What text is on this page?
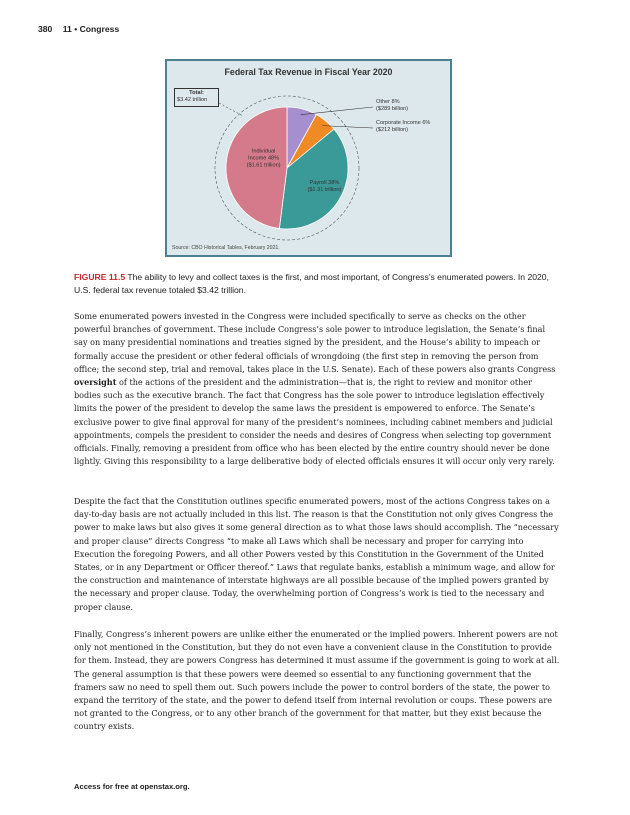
380 11 • Congress
Federal Tax Revenue in Fiscal Year 2020
Other 8%
($289 billion)
Corporate Income 6%
($212 billion)
Payroll 38%
($1.31 trillion)
Individual
Income 48%
($1.61 trillion)
Total:
$3.42 trillion
Source: CBO Historical Tables, February 2021.
FIGURE 11.5 The ability to levy and collect taxes is the first, and most important, of Congress’s enumerated powers. In 2020, U.S. federal tax revenue totaled $3.42 trillion.

Some enumerated powers invested in the Congress were included specifically to serve as checks on the other powerful branches of government. These include Congress’s sole power to introduce legislation, the Senate’s final say on many presidential nominations and treaties signed by the president, and the House’s ability to impeach or formally accuse the president or other federal officials of wrongdoing (the first step in removing the person from office; the second step, trial and removal, takes place in the U.S. Senate). Each of these powers also grants Congress oversight of the actions of the president and the administration—that is, the right to review and monitor other bodies such as the executive branch. The fact that Congress has the sole power to introduce legislation effectively limits the power of the president to develop the same laws the president is empowered to enforce. The Senate’s exclusive power to give final approval for many of the president’s nominees, including cabinet members and judicial appointments, compels the president to consider the needs and desires of Congress when selecting top government officials. Finally, removing a president from office who has been elected by the entire country should never be done lightly. Giving this responsibility to a large deliberative body of elected officials ensures it will occur only very rarely.

Despite the fact that the Constitution outlines specific enumerated powers, most of the actions Congress takes on a day-to-day basis are not actually included in this list. The reason is that the Constitution not only gives Congress the power to make laws but also gives it some general direction as to what those laws should accomplish. The “necessary and proper clause” directs Congress “to make all Laws which shall be necessary and proper for carrying into Execution the foregoing Powers, and all other Powers vested by this Constitution in the Government of the United States, or in any Department or Officer thereof.” Laws that regulate banks, establish a minimum wage, and allow for the construction and maintenance of interstate highways are all possible because of the implied powers granted by the necessary and proper clause. Today, the overwhelming portion of Congress’s work is tied to the necessary and proper clause.

Finally, Congress’s inherent powers are unlike either the enumerated or the implied powers. Inherent powers are not only not mentioned in the Constitution, but they do not even have a convenient clause in the Constitution to provide for them. Instead, they are powers Congress has determined it must assume if the government is going to work at all. The general assumption is that these powers were deemed so essential to any functioning government that the framers saw no need to spell them out. Such powers include the power to control borders of the state, the power to expand the territory of the state, and the power to defend itself from internal revolution or coups. These powers are not granted to the Congress, or to any other branch of the government for that matter, but they exist because the country exists.

Access for free at openstax.org.
